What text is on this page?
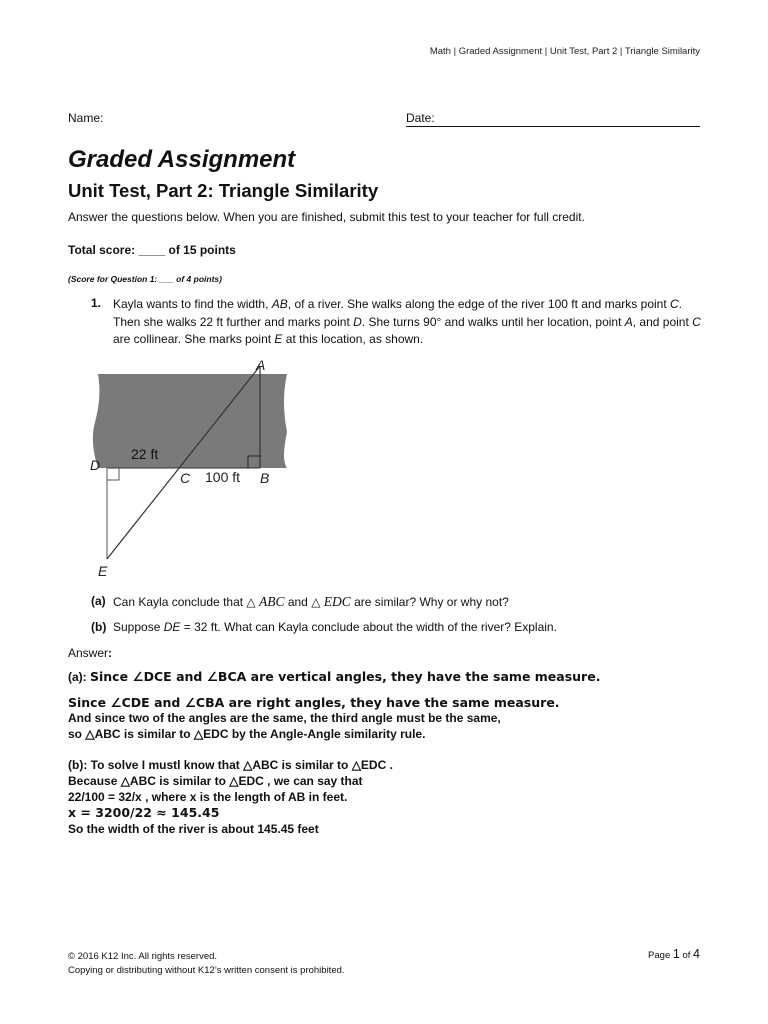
Math | Graded Assignment | Unit Test, Part 2 | Triangle Similarity
Name:	Date:
Graded Assignment
Unit Test, Part 2: Triangle Similarity
Answer the questions below. When you are finished, submit this test to your teacher for full credit.
Total score: ____ of 15 points
(Score for Question 1: ___ of 4 points)
1. Kayla wants to find the width, AB, of a river. She walks along the edge of the river 100 ft and marks point C. Then she walks 22 ft further and marks point D. She turns 90° and walks until her location, point A, and point C are collinear. She marks point E at this location, as shown.
A
B
C
D
E
22 ft
100 ft
(a) Can Kayla conclude that △ ABC and △ EDC are similar? Why or why not?
(b) Suppose DE = 32 ft. What can Kayla conclude about the width of the river? Explain.
Answer:
(a): Since ∠DCE and ∠BCA are vertical angles, they have the same measure.
Since ∠CDE and ∠CBA are right angles, they have the same measure.
And since two of the angles are the same, the third angle must be the same,
so △ABC is similar to △EDC by the Angle-Angle similarity rule.
(b): To solve I mustl know that △ABC is similar to △EDC .
Because △ABC is similar to △EDC , we can say that
22/100 = 32/x , where x is the length of AB in feet.
x = 3200/22 ≈ 145.45
So the width of the river is about 145.45 feet
© 2016 K12 Inc. All rights reserved.
Copying or distributing without K12’s written consent is prohibited.
Page 1 of 4
